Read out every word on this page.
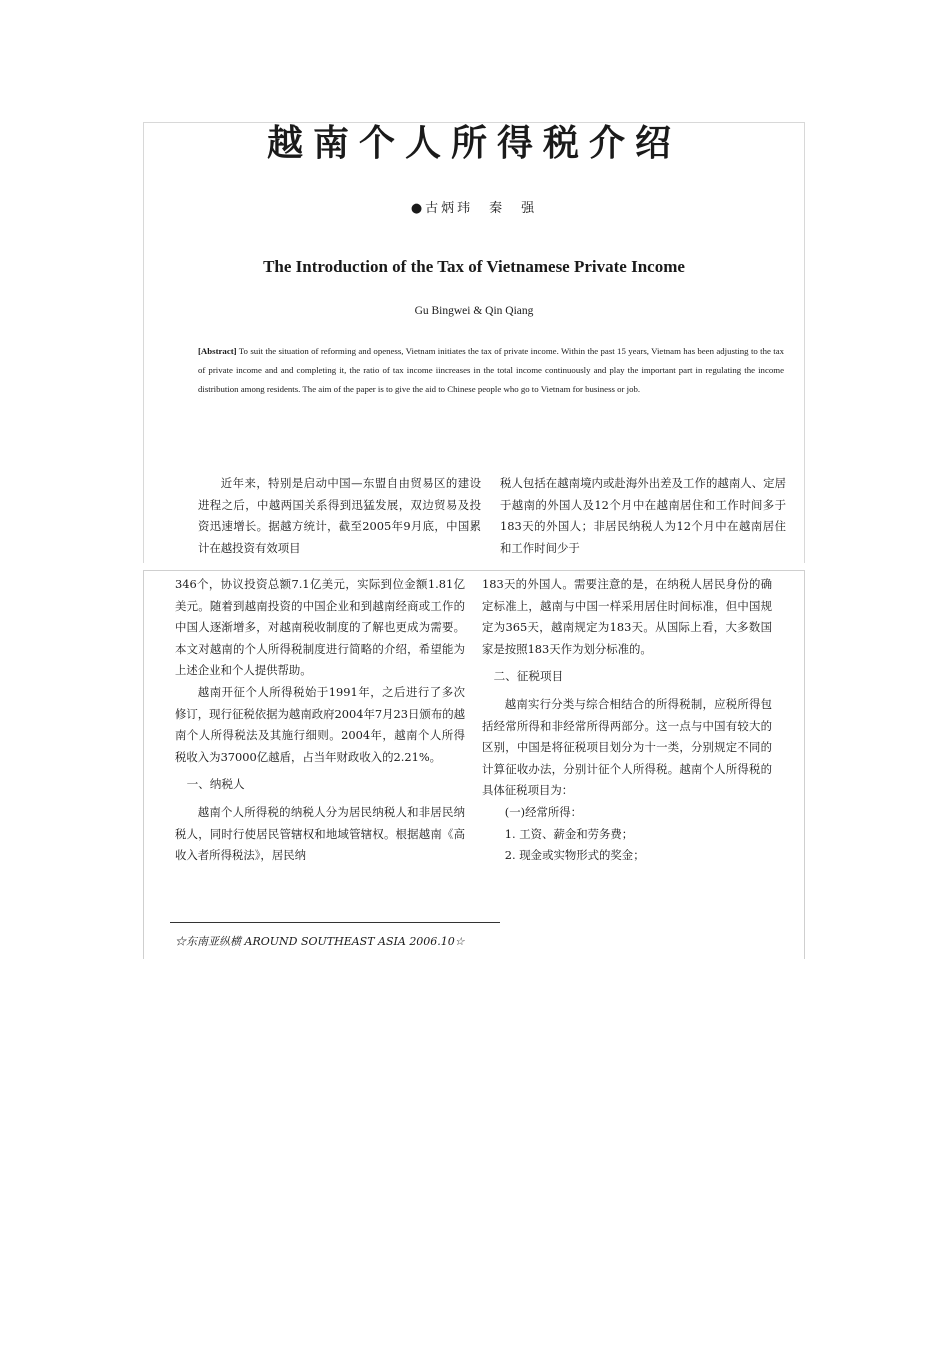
越南个人所得税介绍
●古炳玮　秦　强
The Introduction of the Tax of Vietnamese Private Income
Gu Bingwei & Qin Qiang
[Abstract] To suit the situation of reforming and openess, Vietnam initiates the tax of private income. Within the past 15 years, Vietnam has been adjusting to the tax of private income and and completing it, the ratio of tax income iincreases in the total income continuously and play the important part in regulating the income distribution among residents. The aim of the paper is to give the aid to Chinese people who go to Vietnam for business or job.

近年来，特别是启动中国—东盟自由贸易区的建设进程之后，中越两国关系得到迅猛发展，双边贸易及投资迅速增长。据越方统计，截至2005年9月底，中国累计在越投资有效项目

税人包括在越南境内或赴海外出差及工作的越南人、定居于越南的外国人及12个月中在越南居住和工作时间多于183天的外国人；非居民纳税人为12个月中在越南居住和工作时间少于

346个，协议投资总额7.1亿美元，实际到位金额1.81亿美元。随着到越南投资的中国企业和到越南经商或工作的中国人逐渐增多，对越南税收制度的了解也更成为需要。本文对越南的个人所得税制度进行简略的介绍，希望能为上述企业和个人提供帮助。

越南开征个人所得税始于1991年，之后进行了多次修订，现行征税依据为越南政府2004年7月23日颁布的越南个人所得税法及其施行细则。2004年，越南个人所得税收入为37000亿越盾，占当年财政收入的2.21%。

一、纳税人

越南个人所得税的纳税人分为居民纳税人和非居民纳税人，同时行使居民管辖权和地域管辖权。根据越南《高收入者所得税法》，居民纳

183天的外国人。需要注意的是，在纳税人居民身份的确定标准上，越南与中国一样采用居住时间标准，但中国规定为365天，越南规定为183天。从国际上看，大多数国家是按照183天作为划分标准的。

二、征税项目

越南实行分类与综合相结合的所得税制，应税所得包括经常所得和非经常所得两部分。这一点与中国有较大的区别，中国是将征税项目划分为十一类，分别规定不同的计算征收办法，分别计征个人所得税。越南个人所得税的具体征税项目为：

(一)经常所得：

1. 工资、薪金和劳务费；

2. 现金或实物形式的奖金；

☆东南亚纵横 AROUND SOUTHEAST ASIA 2006.10☆
